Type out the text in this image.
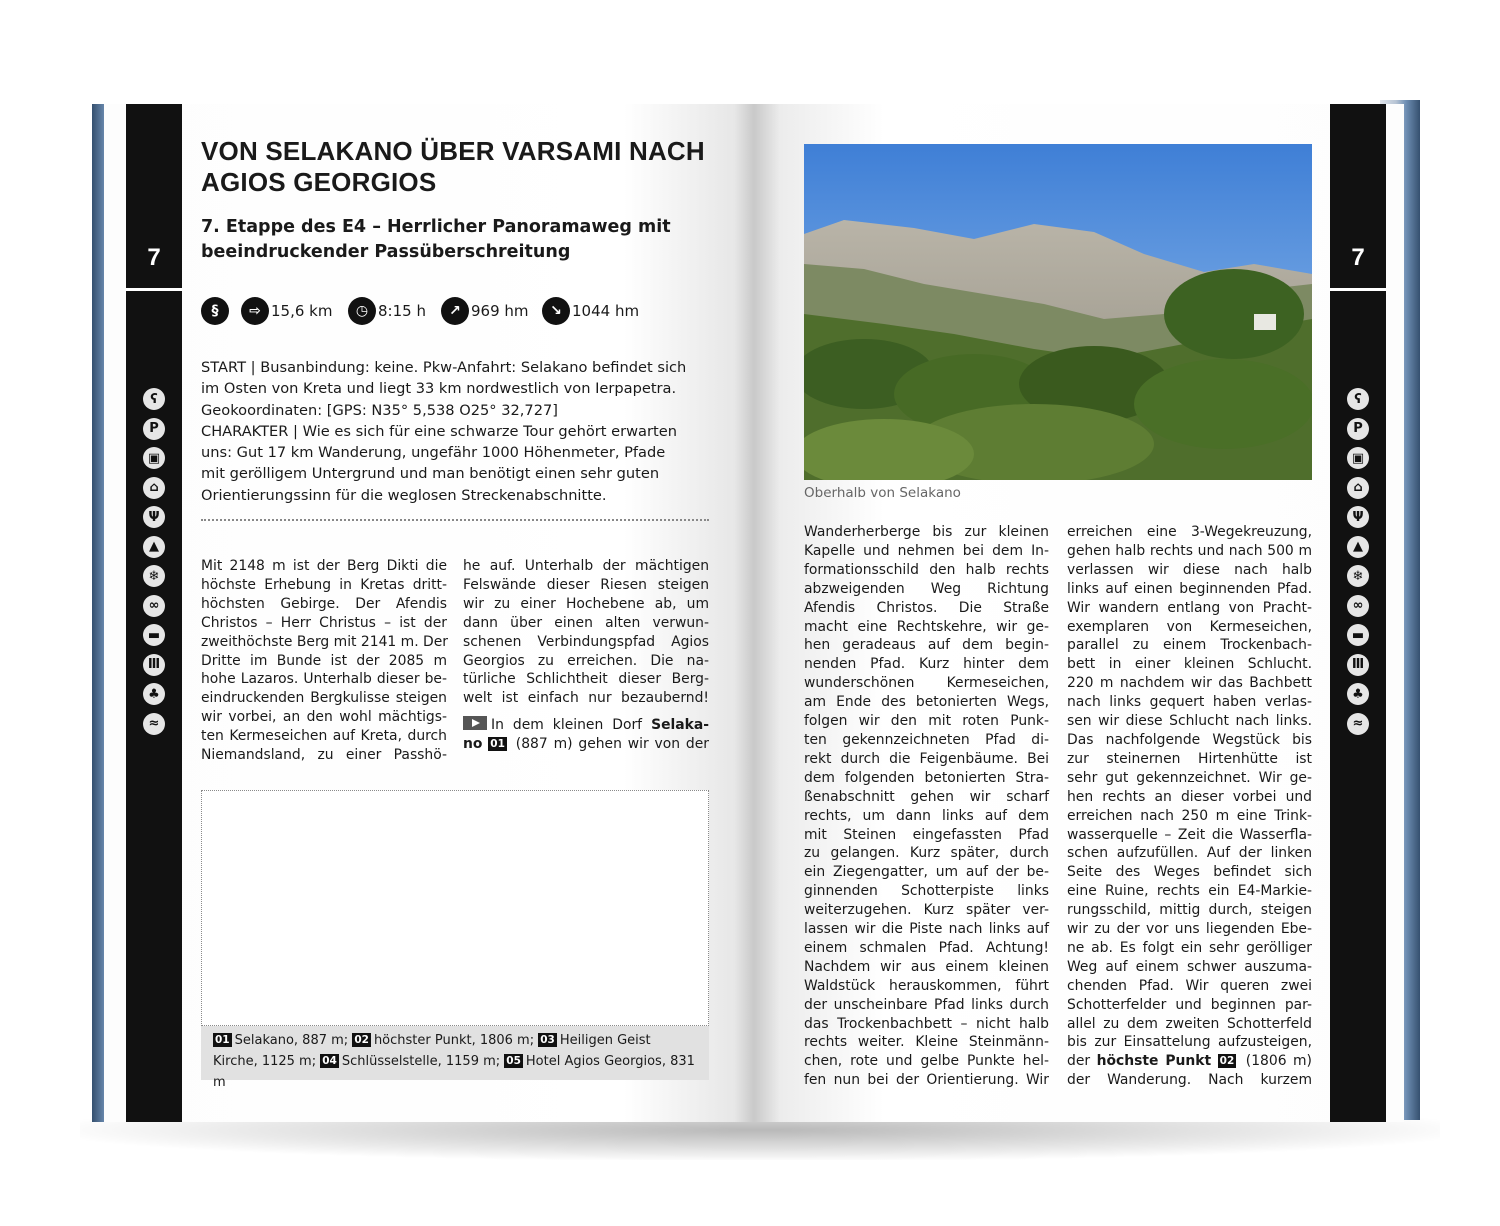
7
ʕ
P
▣
⌂
Ψ
▲
❄
∞
▬
Ⅲ
♣
≈
50
7
ʕ
P
▣
⌂
Ψ
▲
❄
∞
▬
Ⅲ
♣
≈
51
VON SELAKANO ÜBER VARSAMI NACH AGIOS GEORGIOS
7. Etappe des E4 – Herrlicher Panoramaweg mit beeindruckender Passüberschreitung
§	⇨ 15,6 km	◷ 8:15 h	↗ 969 hm	↘ 1044 hm
START | Busanbindung: keine. Pkw-Anfahrt: Selakano befindet sich
im Osten von Kreta und liegt 33 km nordwestlich von Ierpapetra.
Geokoordinaten: [GPS: N35° 5,538 O25° 32,727]
CHARAKTER | Wie es sich für eine schwarze Tour gehört erwarten
uns: Gut 17 km Wanderung, ungefähr 1000 Höhenmeter, Pfade
mit gerölligem Untergrund und man benötigt einen sehr guten
Orientierungssinn für die weglosen Streckenabschnitte.
Mit 2148 m ist der Berg Dikti die
höchste Erhebung in Kretas dritt-
höchsten Gebirge. Der Afendis
Christos – Herr Christus – ist der
zweithöchste Berg mit 2141 m. Der
Dritte im Bunde ist der 2085 m
hohe Lazaros. Unterhalb dieser be-
eindruckenden Bergkulisse steigen
wir vorbei, an den wohl mächtigs-
ten Kermeseichen auf Kreta, durch
Niemandsland, zu einer Passhö-
he auf. Unterhalb der mächtigen
Felswände dieser Riesen steigen
wir zu einer Hochebene ab, um
dann über einen alten verwun-
schenen Verbindungspfad Agios
Georgios zu erreichen. Die na-
türliche Schlichtheit dieser Berg-
welt ist einfach nur bezaubernd!
In dem kleinen Dorf Selaka-
no 01 (887 m) gehen wir von der
01 Selakano, 887 m; 02 höchster Punkt, 1806 m; 03 Heiligen Geist
Kirche, 1125 m; 04 Schlüsselstelle, 1159 m; 05 Hotel Agios Georgios, 831 m
Oberhalb von Selakano
Wanderherberge bis zur kleinen
Kapelle und nehmen bei dem In-
formationsschild den halb rechts
abzweigenden Weg Richtung
Afendis Christos. Die Straße
macht eine Rechtskehre, wir ge-
hen geradeaus auf dem begin-
nenden Pfad. Kurz hinter dem
wunderschönen Kermeseichen,
am Ende des betonierten Wegs,
folgen wir den mit roten Punk-
ten gekennzeichneten Pfad di-
rekt durch die Feigenbäume. Bei
dem folgenden betonierten Stra-
ßenabschnitt gehen wir scharf
rechts, um dann links auf dem
mit Steinen eingefassten Pfad
zu gelangen. Kurz später, durch
ein Ziegengatter, um auf der be-
ginnenden Schotterpiste links
weiterzugehen. Kurz später ver-
lassen wir die Piste nach links auf
einem schmalen Pfad. Achtung!
Nachdem wir aus einem kleinen
Waldstück herauskommen, führt
der unscheinbare Pfad links durch
das Trockenbachbett – nicht halb
rechts weiter. Kleine Steinmänn-
chen, rote und gelbe Punkte hel-
fen nun bei der Orientierung. Wir
erreichen eine 3-Wegekreuzung,
gehen halb rechts und nach 500 m
verlassen wir diese nach halb
links auf einen beginnenden Pfad.
Wir wandern entlang von Pracht-
exemplaren von Kermeseichen,
parallel zu einem Trockenbach-
bett in einer kleinen Schlucht.
220 m nachdem wir das Bachbett
nach links gequert haben verlas-
sen wir diese Schlucht nach links.
Das nachfolgende Wegstück bis
zur steinernen Hirtenhütte ist
sehr gut gekennzeichnet. Wir ge-
hen rechts an dieser vorbei und
erreichen nach 250 m eine Trink-
wasserquelle – Zeit die Wasserfla-
schen aufzufüllen. Auf der linken
Seite des Weges befindet sich
eine Ruine, rechts ein E4-Markie-
rungsschild, mittig durch, steigen
wir zu der vor uns liegenden Ebe-
ne ab. Es folgt ein sehr gerölliger
Weg auf einem schwer auszuma-
chenden Pfad. Wir queren zwei
Schotterfelder und beginnen par-
allel zu dem zweiten Schotterfeld
bis zur Einsattelung aufzusteigen,
der höchste Punkt 02 (1806 m)
der Wanderung. Nach kurzem
